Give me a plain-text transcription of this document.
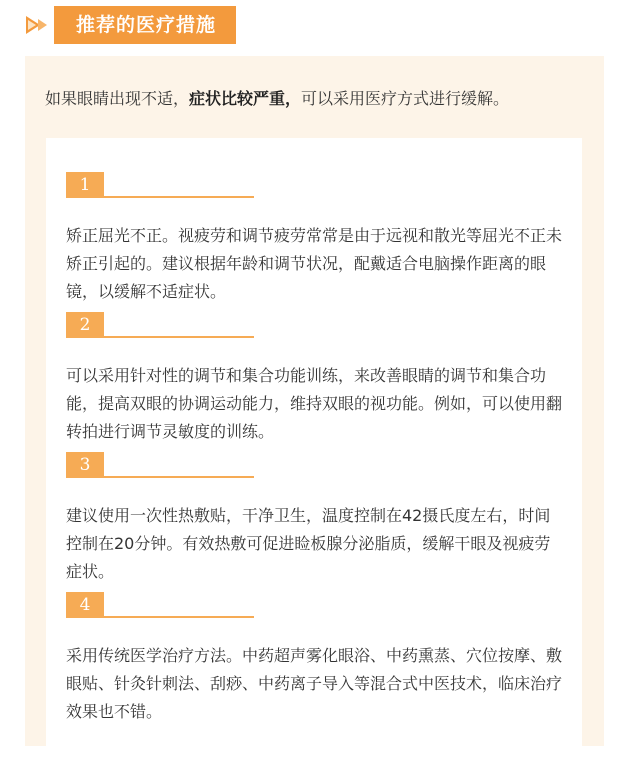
推荐的医疗措施
如果眼睛出现不适，症状比较严重，可以采用医疗方式进行缓解。
1
矫正屈光不正。视疲劳和调节疲劳常常是由于远视和散光等屈光不正未矫正引起的。建议根据年龄和调节状况，配戴适合电脑操作距离的眼镜，以缓解不适症状。
2
可以采用针对性的调节和集合功能训练，来改善眼睛的调节和集合功能，提高双眼的协调运动能力，维持双眼的视功能。例如，可以使用翻转拍进行调节灵敏度的训练。
3
建议使用一次性热敷贴，干净卫生，温度控制在42摄氏度左右，时间控制在20分钟。有效热敷可促进睑板腺分泌脂质，缓解干眼及视疲劳症状。
4
采用传统医学治疗方法。中药超声雾化眼浴、中药熏蒸、穴位按摩、敷眼贴、针灸针刺法、刮痧、中药离子导入等混合式中医技术，临床治疗效果也不错。
